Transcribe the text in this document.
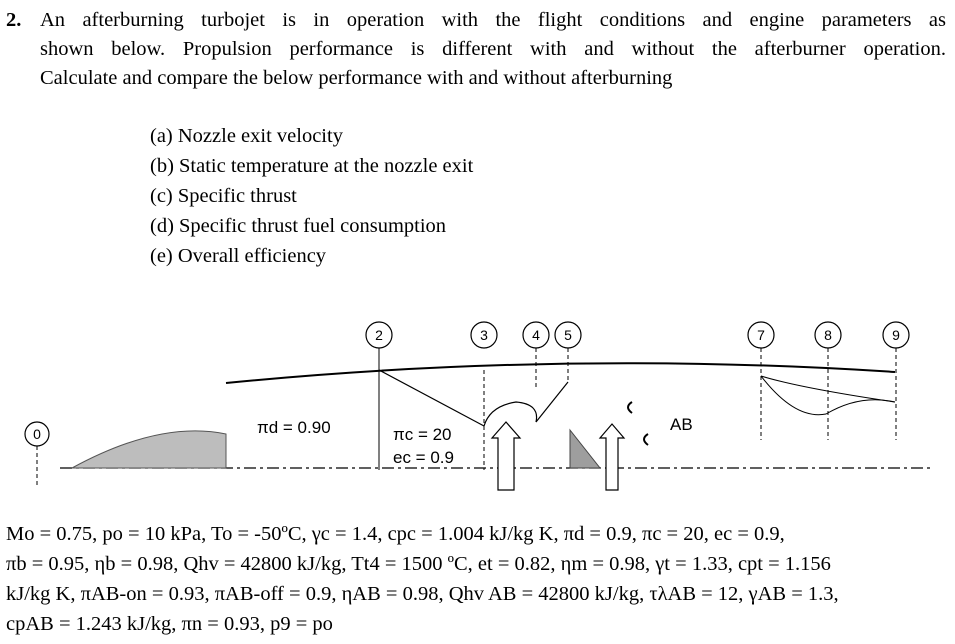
2. An afterburning turbojet is in operation with the flight conditions and engine parameters as
shown below. Propulsion performance is different with and without the afterburner operation.
Calculate and compare the below performance with and without afterburning
(a) Nozzle exit velocity
(b) Static temperature at the nozzle exit
(c) Specific thrust
(d) Specific thrust fuel consumption
(e) Overall efficiency
0
2	3	4 5
AB
7	8	9
πd = 0.90	πc = 20
ec = 0.9
Mo = 0.75, po = 10 kPa, To = -50ºC, γc = 1.4, cpc = 1.004 kJ/kg K, πd = 0.9, πc = 20, ec = 0.9,
πb = 0.95, ηb = 0.98, Qhv = 42800 kJ/kg, Tt4 = 1500 ºC, et = 0.82, ηm = 0.98, γt = 1.33, cpt = 1.156
kJ/kg K, πAB-on = 0.93, πAB-off = 0.9, ηAB = 0.98, Qhv AB = 42800 kJ/kg, τλAB = 12, γAB = 1.3,
cpAB = 1.243 kJ/kg, πn = 0.93, p9 = po
